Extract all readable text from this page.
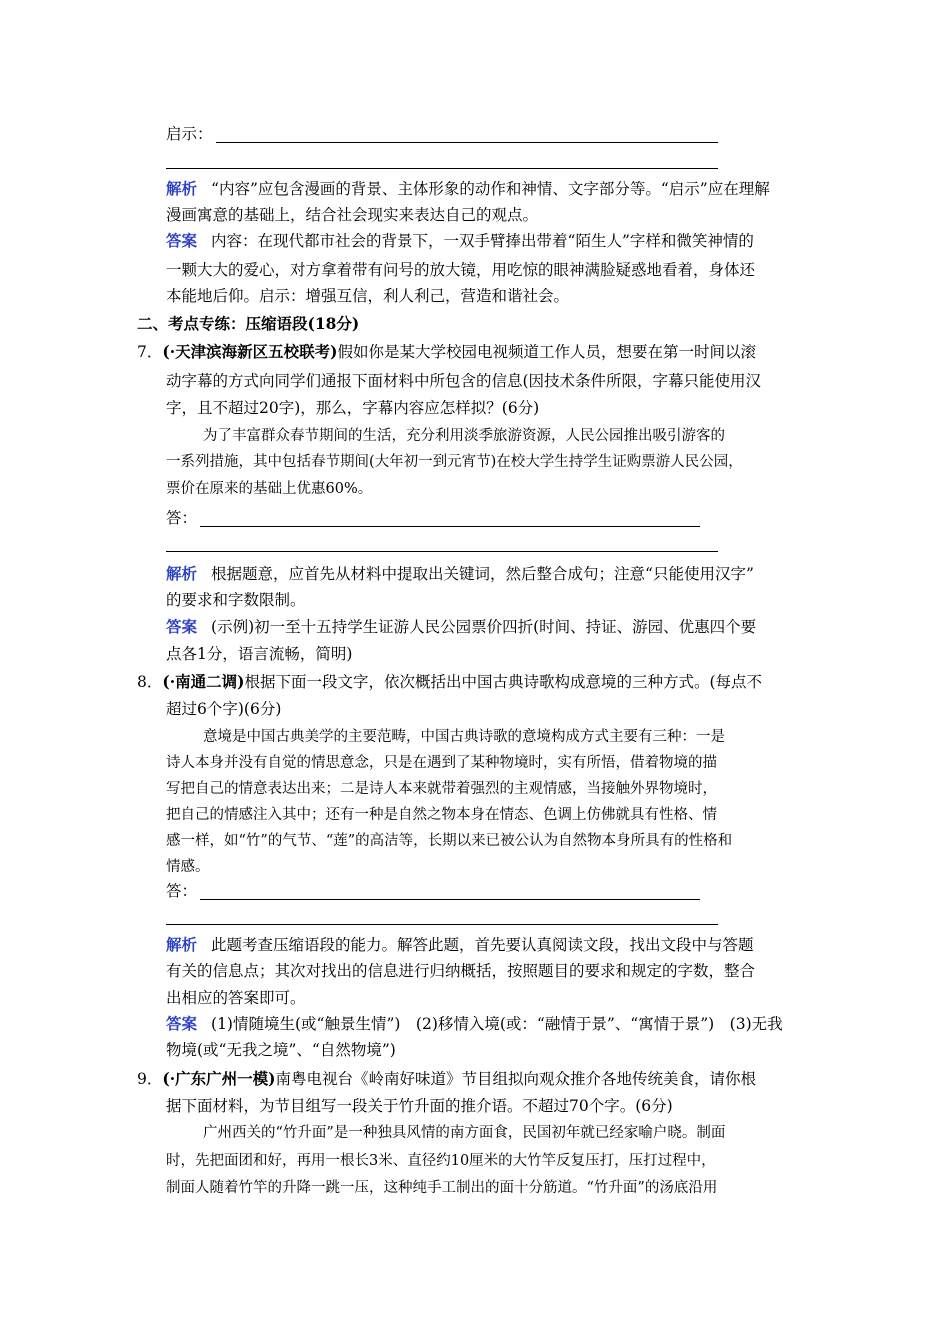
启示：
解析 “内容”应包含漫画的背景、主体形象的动作和神情、文字部分等。“启示”应在理解
漫画寓意的基础上，结合社会现实来表达自己的观点。
答案 内容：在现代都市社会的背景下，一双手臂捧出带着“陌生人”字样和微笑神情的
一颗大大的爱心，对方拿着带有问号的放大镜，用吃惊的眼神满脸疑惑地看着，身体还
本能地后仰。启示：增强互信，利人利己，营造和谐社会。
二、考点专练：压缩语段(18分)
7．(·天津滨海新区五校联考)假如你是某大学校园电视频道工作人员，想要在第一时间以滚
动字幕的方式向同学们通报下面材料中所包含的信息(因技术条件所限，字幕只能使用汉
字，且不超过20字)，那么，字幕内容应怎样拟？(6分)
为了丰富群众春节期间的生活，充分利用淡季旅游资源，人民公园推出吸引游客的
一系列措施，其中包括春节期间(大年初一到元宵节)在校大学生持学生证购票游人民公园，
票价在原来的基础上优惠60%。
答：
解析 根据题意，应首先从材料中提取出关键词，然后整合成句；注意“只能使用汉字”
的要求和字数限制。
答案 (示例)初一至十五持学生证游人民公园票价四折(时间、持证、游园、优惠四个要
点各1分，语言流畅，简明)
8．(·南通二调)根据下面一段文字，依次概括出中国古典诗歌构成意境的三种方式。(每点不
超过6个字)(6分)
意境是中国古典美学的主要范畴，中国古典诗歌的意境构成方式主要有三种：一是
诗人本身并没有自觉的情思意念，只是在遇到了某种物境时，实有所悟，借着物境的描
写把自己的情意表达出来；二是诗人本来就带着强烈的主观情感，当接触外界物境时，
把自己的情感注入其中；还有一种是自然之物本身在情态、色调上仿佛就具有性格、情
感一样，如“竹”的气节、“莲”的高洁等，长期以来已被公认为自然物本身所具有的性格和
情感。
答：
解析 此题考查压缩语段的能力。解答此题，首先要认真阅读文段，找出文段中与答题
有关的信息点；其次对找出的信息进行归纳概括，按照题目的要求和规定的字数，整合
出相应的答案即可。
答案 (1)情随境生(或“触景生情”)　(2)移情入境(或：“融情于景”、“寓情于景”)　(3)无我
物境(或“无我之境”、“自然物境”)
9．(·广东广州一模)南粤电视台《岭南好味道》节目组拟向观众推介各地传统美食，请你根
据下面材料，为节目组写一段关于竹升面的推介语。不超过70个字。(6分)
广州西关的“竹升面”是一种独具风情的南方面食，民国初年就已经家喻户晓。制面
时，先把面团和好，再用一根长3米、直径约10厘米的大竹竿反复压打，压打过程中，
制面人随着竹竿的升降一跳一压，这种纯手工制出的面十分筋道。“竹升面”的汤底沿用
